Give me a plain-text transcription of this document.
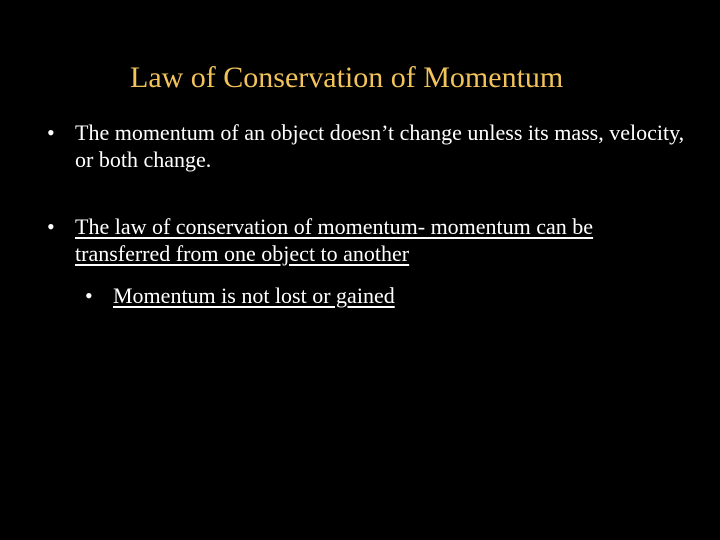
Law of Conservation of Momentum
• The momentum of an object doesn’t change unless its mass, velocity, or both change.
• The law of conservation of momentum- momentum can be transferred from one object to another
• Momentum is not lost or gained
